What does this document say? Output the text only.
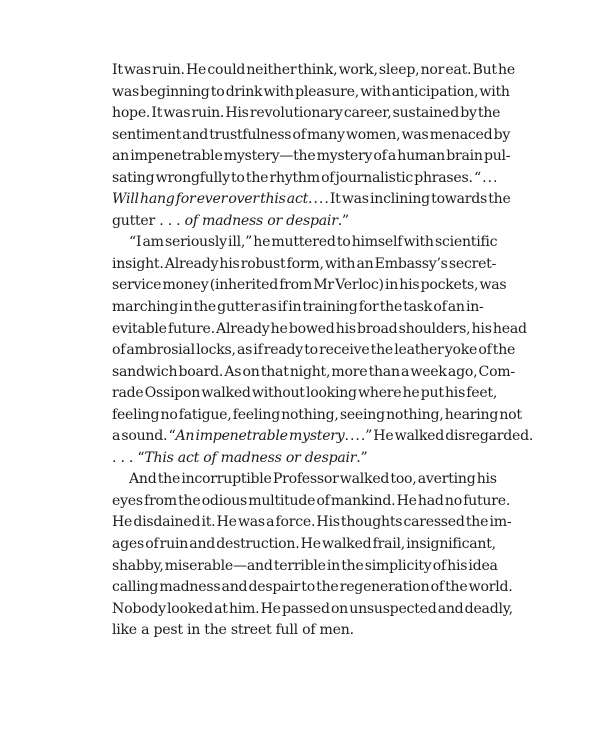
It was ruin. He could neither think, work, sleep, nor eat. But he
was beginning to drink with pleasure, with anticipation, with
hope. It was ruin. His revolutionary career, sustained by the
sentiment and trustfulness of many women, was menaced by
an impenetrable mystery—the mystery of a human brain pul-
sating wrongfully to the rhythm of journalistic phrases. “ . . .
Will hang for ever over this act. . . . It was inclining towards the
gutter . . . of madness or despair.”
“I am seriously ill,” he muttered to himself with scientific
insight. Already his robust form, with an Embassy’s secret-
service money (inherited from Mr Verloc) in his pockets, was
marching in the gutter as if in training for the task of an in-
evitable future. Already he bowed his broad shoulders, his head
of ambrosial locks, as if ready to receive the leather yoke of the
sandwich board. As on that night, more than a week ago, Com-
rade Ossipon walked without looking where he put his feet,
feeling no fatigue, feeling nothing, seeing nothing, hearing not
a sound. “An impenetrable mystery. . . .” He walked disregarded.
. . . “This act of madness or despair.”
And the incorruptible Professor walked too, averting his
eyes from the odious multitude of mankind. He had no future.
He disdained it. He was a force. His thoughts caressed the im-
ages of ruin and destruction. He walked frail, insignificant,
shabby, miserable—and terrible in the simplicity of his idea
calling madness and despair to the regeneration of the world.
Nobody looked at him. He passed on unsuspected and deadly,
like a pest in the street full of men.
